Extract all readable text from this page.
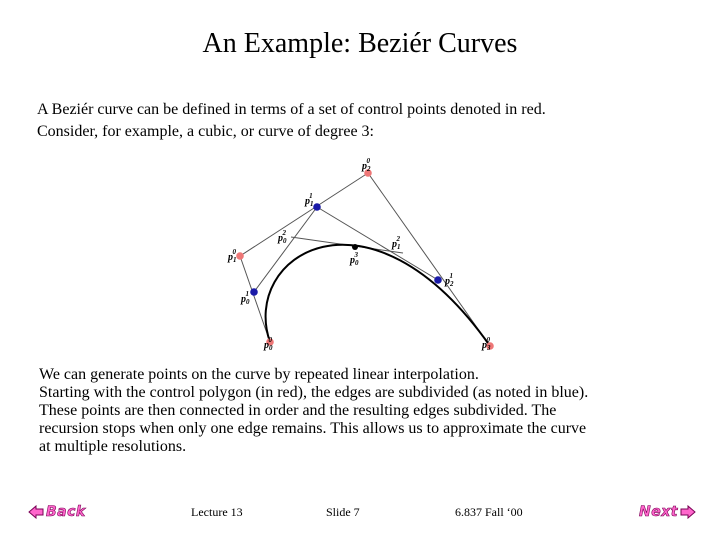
An Example: Beziér Curves
A Beziér curve can be defined in terms of a set of control points denoted in red.
Consider, for example, a cubic, or curve of degree 3:
$p_00$
$p_10$
$p_20$
$p_30$
$p_01$
$p_11$
$p_21$
$p_02$
$p_12$
$p_03$
We can generate points on the curve by repeated linear interpolation.
Starting with the control polygon (in red), the edges are subdivided (as noted in blue).
These points are then connected in order and the resulting edges subdivided. The
recursion stops when only one edge remains. This allows us to approximate the curve
at multiple resolutions.
Back	Lecture 13	Slide 7	6.837 Fall ‘00	Next
